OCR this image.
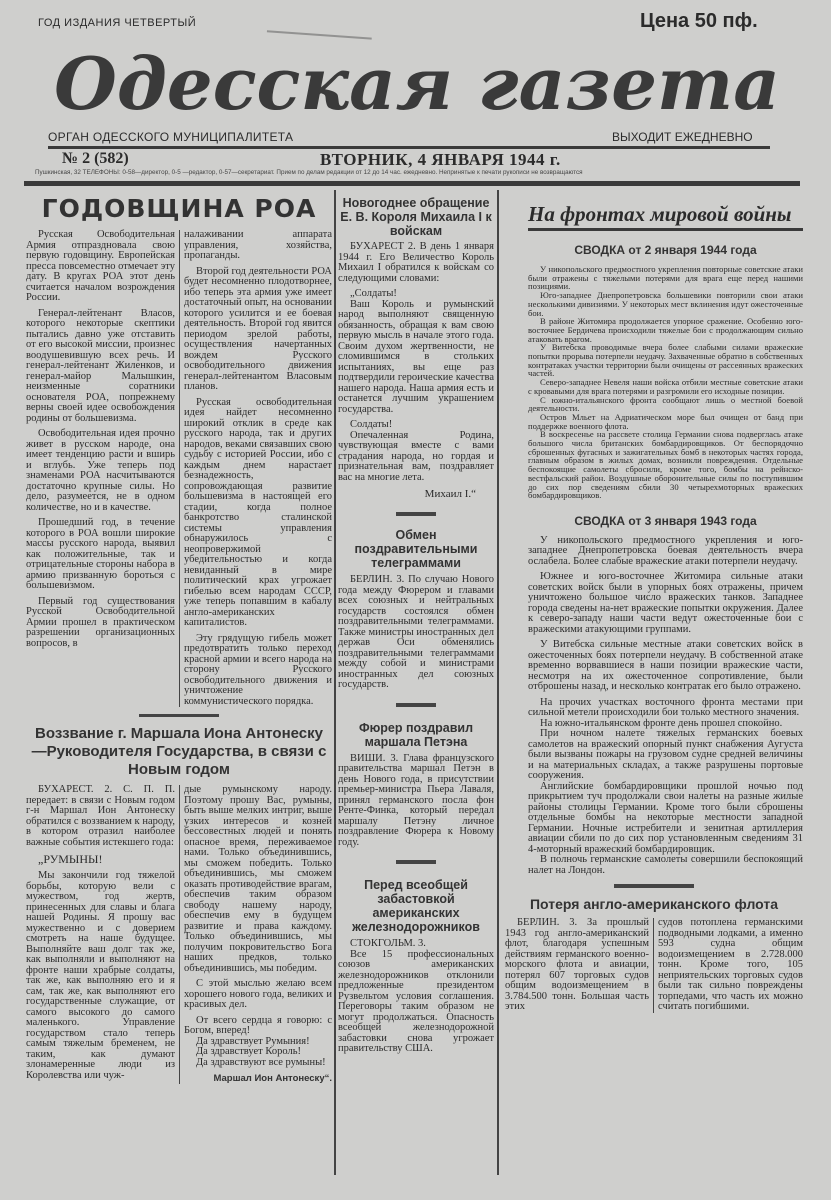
ГОД ИЗДАНИЯ ЧЕТВЕРТЫЙ	Цена 50 пф.
Одесская газета
ОРГАН ОДЕССКОГО МУНИЦИПАЛИТЕТА	ВЫХОДИТ ЕЖЕДНЕВНО
№ 2 (582)	ВТОРНИК, 4 ЯНВАРЯ 1944 г.
Пушкинская, 32 ТЕЛЕФОНЫ: 0-58—директор, 0-5 —редактор, 0-57—секретариат. Прием по делам редакции от 12 до 14 час. ежедневно. Непринятые к печати рукописи не возвращаются
ГОДОВЩИНА РОА

Русская Освободительная Армия отпраздновала свою первую годовщину. Европейская пресса повсеместно отмечает эту дату. В кругах РОА этот день считается началом возрождения России.

Генерал-лейтенант Власов, которого некоторые скептики пытались давно уже отставить от его высокой миссии, произнес воодушевившую всех речь. И генерал-лейтенант Жиленков, и генерал-майор Малышкин, неизменные соратники основателя РОА, попрежнему верны своей идее освобождения родины от большевизма.

Освободительная идея прочно живет в русском народе, она имеет тенденцию расти и вширь и вглубь. Уже теперь под знаменами РОА насчитываются достаточно крупные силы. Но дело, разумеется, не в одном количестве, но и в качестве.

Прошедший год, в течение которого в РОА вошли широкие массы русского народа, выявил как положительные, так и отрицательные стороны набора в армию призванную бороться с большевизмом.

Первый год существования Русской Освободительной Армии прошел в практическом разрешении организационных вопросов, в

налаживании аппарата управления, хозяйства, пропаганды.

Второй год деятельности РОА будет несомненно плодотворнее, ибо теперь эта армия уже имеет достаточный опыт, на основании которого усилится и ее боевая деятельность. Второй год явится периодом зрелой работы, осуществления начертанных вождем Русского освободительного движения генерал-лейтенантом Власовым планов.

Русская освободительная идея найдет несомненно широкий отклик в среде как русского народа, так и других народов, веками связавших свою судьбу с историей России, ибо с каждым днем нарастает безнадежность, сопровождающая развитие большевизма в настоящей его стадии, когда полное банкротство сталинской системы управления обнаружилось с неопровержимой убедительностью и когда невиданный в мире политический крах угрожает гибелью всем народам СССР, уже теперь попавшим в кабалу англо-американских капиталистов.

Эту грядущую гибель может предотвратить только переход красной армии и всего народа на сторону Русского освободительного движения и уничтожение коммунистического порядка.

Воззвание г. Маршала Иона Антонеску —Руководителя Государства, в связи с Новым годом

БУХАРЕСТ. 2. С. П. П. передает: в связи с Новым годом г-н Маршал Ион Антонеску обратился с воззванием к народу, в котором отразил наиболее важные события истекшего года:

„РУМЫНЫ!

Мы закончили год тяжелой борьбы, которую вели с мужеством, год жертв, принесенных для славы и блага нашей Родины. Я прошу вас мужественно и с доверием смотреть на наше будущее. Выполняйте ваш долг так же, как выполняли и выполняют на фронте наши храбрые солдаты, так же, как выполняю его и я сам, так же, как выполняют его государственные служащие, от самого высокого до самого маленького. Управление государством стало теперь самым тяжелым бременем, не таким, как думают злонамеренные люди из Королевства или чуж-

дые румынскому народу. Поэтому прошу Вас, румыны, быть выше мелких интриг, выше узких интересов и козней бессовестных людей и понять опасное время, переживаемое нами. Только объединившись, мы сможем победить. Только объединившись, мы сможем оказать противодействие врагам, обеспечив таким образом свободу нашему народу, обеспечив ему в будущем развитие и права каждому. Только объединившись, мы получим покровительство Бога наших предков, только объединившись, мы победим.

С этой мыслью желаю всем хорошего нового года, великих и красивых дел.

От всего сердца я говорю: с Богом, вперед!

Да здравствует Румыния!

Да здравствует Король!

Да здравствуют все румыны!

Маршал Ион Антонеску“.
Новогоднее обращение Е. В. Короля Михаила I к войскам

БУХАРЕСТ 2. В день 1 января 1944 г. Его Величество Король Михаил I обратился к войскам со следующими словами:

„Солдаты!

Ваш Король и румынский народ выполняют священную обязанность, обращая к вам свою первую мысль в начале этого года. Своим духом жертвенности, не сломившимся в стольких испытаниях, вы еще раз подтвердили героические качества нашего народа. Наша армия есть и останется лучшим украшением государства.

Солдаты!

Опечаленная Родина, чувствующая вместе с вами страдания народа, но гордая и признательная вам, поздравляет вас на многие лета.

Михаил I.“
Обмен поздравительными телеграммами

БЕРЛИН. 3. По случаю Нового года между Фюрером и главами всех союзных и нейтральных государств состоялся обмен поздравительными телеграммами. Также министры иностранных дел держав Оси обменялись поздравительными телеграммами между собой и министрами иностранных дел союзных государств.

Фюрер поздравил маршала Петэна

ВИШИ. 3. Глава французского правительства маршал Петэн в день Нового года, в присутствии премьер-министра Пьера Лаваля, принял германского посла фон Ренте-Финка, который передал маршалу Петэну личное поздравление Фюрера к Новому году.

Перед всеобщей забастовкой американских железнодорожников

СТОКГОЛЬМ. 3.

Все 15 профессиональных союзов американских железнодорожников отклонили предложенные президентом Рузвельтом условия соглашения. Переговоры таким образом не могут продолжаться. Опасность всеобщей железнодорожной забастовки снова угрожает правительству США.

На фронтах мировой войны
СВОДКА от 2 января 1944 года

У никопольского предмостного укрепления повторные советские атаки были отражены с тяжелыми потерями для врага еще перед нашими позициями.

Юго-западнее Днепропетровска большевики повторили свои атаки несколькими дивизиями. У некоторых мест вклинения идут ожесточенные бои.

В районе Житомира продолжается упорное сражение. Особенно юго-восточнее Бердичева происходили тяжелые бои с продолжающим сильно атаковать врагом.

У Витебска проводимые вчера более слабыми силами вражеские попытки прорыва потерпели неудачу. Захваченные обратно в собственных контратаках участки территории были очищены от рассеянных вражеских частей.

Северо-западнее Невеля наши войска отбили местные советские атаки с кровавыми для врага потерями и разгромили его исходные позиции.

С южно-итальянского фронта сообщают лишь о местной боевой деятельности.

Остров Мльет на Адриатическом море был очищен от банд при поддержке военного флота.

В воскресенье на рассвете столица Германии снова подверглась атаке большого числа британских бомбардировщиков. От беспорядочно сброшенных фугасных и зажигательных бомб в некоторых частях города, главным образом в жилых домах, возникли повреждения. Отдельные беспокоящие самолеты сбросили, кроме того, бомбы на рейнско-вестфальский район. Воздушные оборонительные силы по поступившим до сих пор сведениям сбили 30 четырехмоторных вражеских бомбардировщиков.

СВОДКА от 3 января 1943 года

У никопольского предмостного укрепления и юго-западнее Днепропетровска боевая деятельность вчера ослабела. Более слабые вражеские атаки потерпели неудачу.

Южнее и юго-восточнее Житомира сильные атаки советских войск были в упорных боях отражены, причем уничтожено большое число вражеских танков. Западнее города сведены на-нет вражеские попытки окружения. Далее к северо-западу наши части ведут ожесточенные бои с вражескими атакующими группами.

У Витебска сильные местные атаки советских войск в ожесточенных боях потерпели неудачу. В собственной атаке временно ворвавшиеся в наши позиции вражеские части, несмотря на их ожесточенное сопротивление, были отброшены назад, и несколько контратак его было отражено.

На прочих участках восточного фронта местами при сильной метели происходили бои только местного значения.

На южно-итальянском фронте день прошел спокойно.

При ночном налете тяжелых германских боевых самолетов на вражеский опорный пункт снабжения Аугуста были вызваны пожары на грузовом судне средней величины и на материальных складах, а также разрушены портовые сооружения.

Английские бомбардировщики прошлой ночью под прикрытием туч продолжали свои налеты на разные жилые районы столицы Германии. Кроме того были сброшены отдельные бомбы на некоторые местности западной Германии. Ночные истребители и зенитная артиллерия авиации сбили по до сих пор установленным сведениям 31 4-моторный вражеский бомбардировщик.

В полночь германские самолеты совершили беспокоящий налет на Лондон.

Потеря англо-американского флота

БЕРЛИН. 3. За прошлый 1943 год англо-американский флот, благодаря успешным действиям германского военно-морского флота и авиации, потерял 607 торговых судов общим водоизмещением в 3.784.500 тонн. Большая часть этих

судов потоплена германскими подводными лодками, а именно 593 судна общим водоизмещением в 2.728.000 тонн. Кроме того, 105 неприятельских торговых судов были так сильно повреждены торпедами, что часть их можно считать погибшими.
